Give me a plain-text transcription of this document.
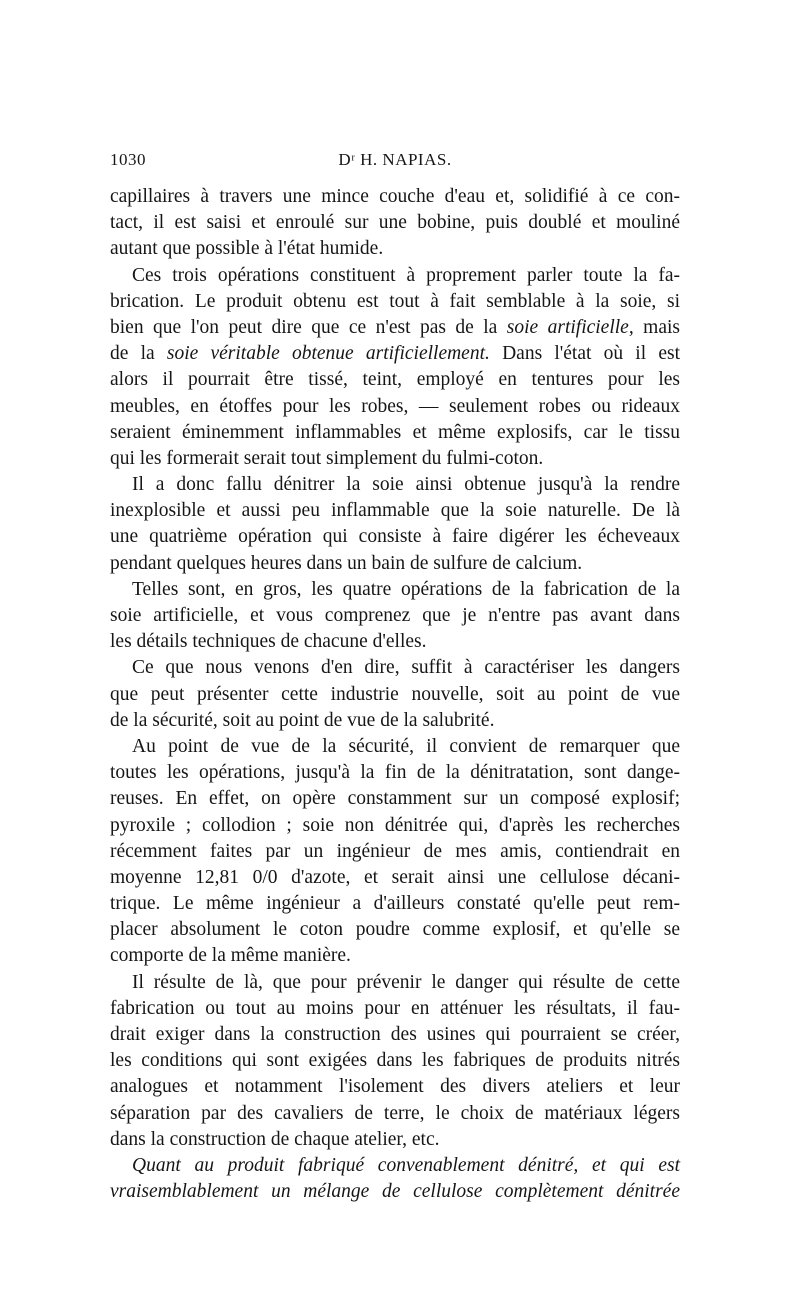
1030	Dʳ H. NAPIAS.
capillaires à travers une mince couche d'eau et, solidifié à ce con-
tact, il est saisi et enroulé sur une bobine, puis doublé et mouliné
autant que possible à l'état humide.
Ces trois opérations constituent à proprement parler toute la fa-
brication. Le produit obtenu est tout à fait semblable à la soie, si
bien que l'on peut dire que ce n'est pas de la soie artificielle, mais
de la soie véritable obtenue artificiellement. Dans l'état où il est
alors il pourrait être tissé, teint, employé en tentures pour les
meubles, en étoffes pour les robes, — seulement robes ou rideaux
seraient éminemment inflammables et même explosifs, car le tissu
qui les formerait serait tout simplement du fulmi-coton.
Il a donc fallu dénitrer la soie ainsi obtenue jusqu'à la rendre
inexplosible et aussi peu inflammable que la soie naturelle. De là
une quatrième opération qui consiste à faire digérer les écheveaux
pendant quelques heures dans un bain de sulfure de calcium.
Telles sont, en gros, les quatre opérations de la fabrication de la
soie artificielle, et vous comprenez que je n'entre pas avant dans
les détails techniques de chacune d'elles.
Ce que nous venons d'en dire, suffit à caractériser les dangers
que peut présenter cette industrie nouvelle, soit au point de vue
de la sécurité, soit au point de vue de la salubrité.
Au point de vue de la sécurité, il convient de remarquer que
toutes les opérations, jusqu'à la fin de la dénitratation, sont dange-
reuses. En effet, on opère constamment sur un composé explosif;
pyroxile ; collodion ; soie non dénitrée qui, d'après les recherches
récemment faites par un ingénieur de mes amis, contiendrait en
moyenne 12,81 0/0 d'azote, et serait ainsi une cellulose décani-
trique. Le même ingénieur a d'ailleurs constaté qu'elle peut rem-
placer absolument le coton poudre comme explosif, et qu'elle se
comporte de la même manière.
Il résulte de là, que pour prévenir le danger qui résulte de cette
fabrication ou tout au moins pour en atténuer les résultats, il fau-
drait exiger dans la construction des usines qui pourraient se créer,
les conditions qui sont exigées dans les fabriques de produits nitrés
analogues et notamment l'isolement des divers ateliers et leur
séparation par des cavaliers de terre, le choix de matériaux légers
dans la construction de chaque atelier, etc.
Quant au produit fabriqué convenablement dénitré, et qui est
vraisemblablement un mélange de cellulose complètement dénitrée
